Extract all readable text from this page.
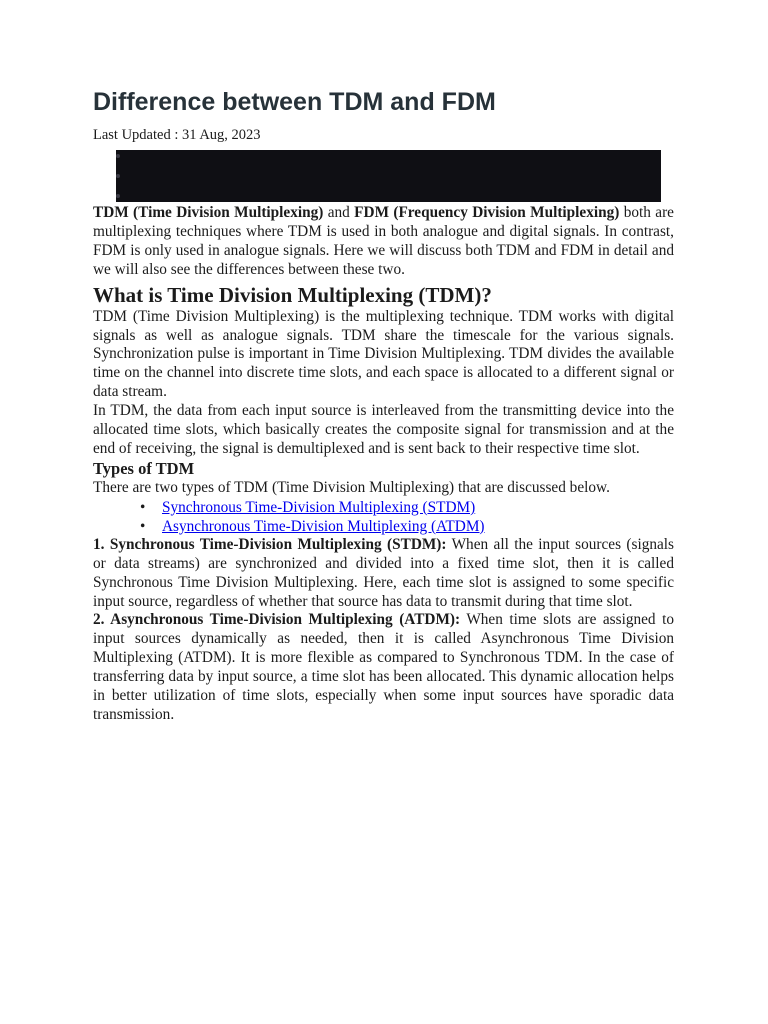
Difference between TDM and FDM
Last Updated : 31 Aug, 2023

TDM (Time Division Multiplexing) and FDM (Frequency Division Multiplexing) both are multiplexing techniques where TDM is used in both analogue and digital signals. In contrast, FDM is only used in analogue signals. Here we will discuss both TDM and FDM in detail and we will also see the differences between these two.

What is Time Division Multiplexing (TDM)?

TDM (Time Division Multiplexing) is the multiplexing technique. TDM works with digital signals as well as analogue signals. TDM share the timescale for the various signals. Synchronization pulse is important in Time Division Multiplexing. TDM divides the available time on the channel into discrete time slots, and each space is allocated to a different signal or data stream.

In TDM, the data from each input source is interleaved from the transmitting device into the allocated time slots, which basically creates the composite signal for transmission and at the end of receiving, the signal is demultiplexed and is sent back to their respective time slot.

Types of TDM

There are two types of TDM (Time Division Multiplexing) that are discussed below.

• Synchronous Time-Division Multiplexing (STDM)
• Asynchronous Time-Division Multiplexing (ATDM)

1. Synchronous Time-Division Multiplexing (STDM): When all the input sources (signals or data streams) are synchronized and divided into a fixed time slot, then it is called Synchronous Time Division Multiplexing. Here, each time slot is assigned to some specific input source, regardless of whether that source has data to transmit during that time slot.

2. Asynchronous Time-Division Multiplexing (ATDM): When time slots are assigned to input sources dynamically as needed, then it is called Asynchronous Time Division Multiplexing (ATDM). It is more flexible as compared to Synchronous TDM. In the case of transferring data by input source, a time slot has been allocated. This dynamic allocation helps in better utilization of time slots, especially when some input sources have sporadic data transmission.
